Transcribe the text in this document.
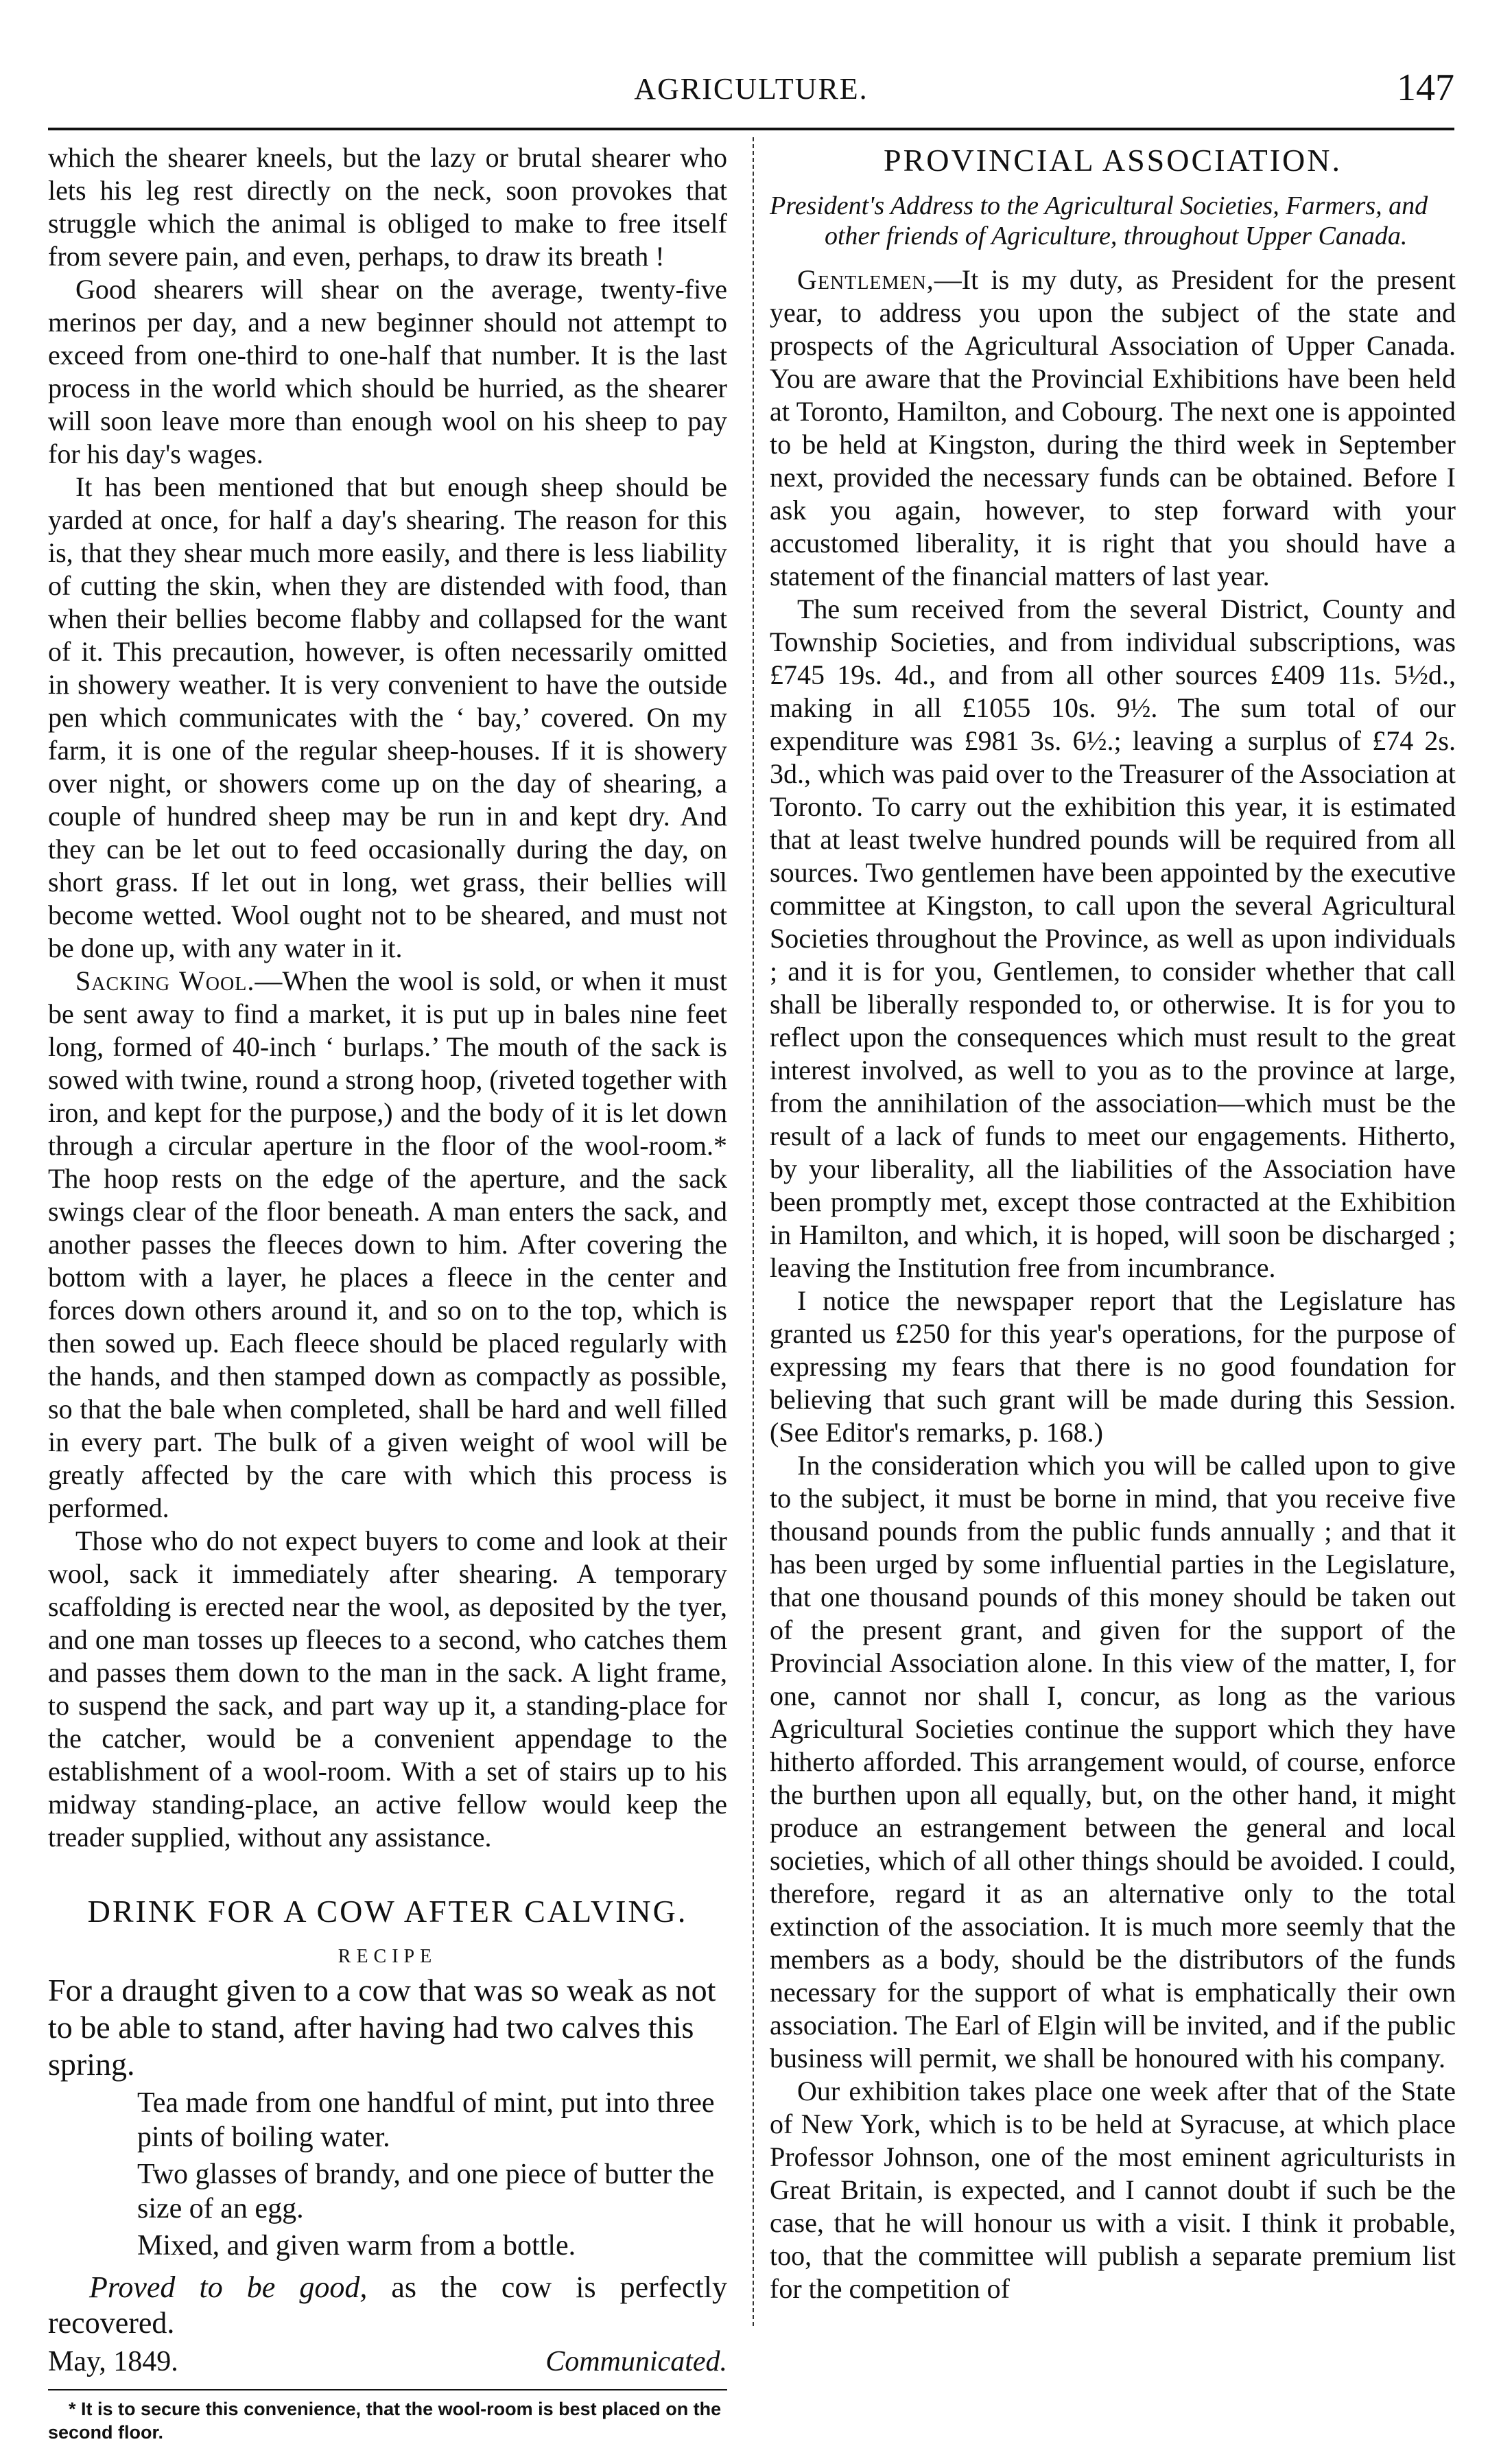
AGRICULTURE.	147

which the shearer kneels, but the lazy or brutal shearer who lets his leg rest directly on the neck, soon provokes that struggle which the animal is obliged to make to free itself from severe pain, and even, perhaps, to draw its breath !

Good shearers will shear on the average, twenty-five merinos per day, and a new beginner should not attempt to exceed from one-third to one-half that number. It is the last process in the world which should be hurried, as the shearer will soon leave more than enough wool on his sheep to pay for his day's wages.

It has been mentioned that but enough sheep should be yarded at once, for half a day's shearing. The reason for this is, that they shear much more easily, and there is less liability of cutting the skin, when they are distended with food, than when their bellies become flabby and collapsed for the want of it. This precaution, however, is often necessarily omitted in showery weather. It is very convenient to have the outside pen which communicates with the ‘ bay,’ covered. On my farm, it is one of the regular sheep-houses. If it is showery over night, or showers come up on the day of shearing, a couple of hundred sheep may be run in and kept dry. And they can be let out to feed occasionally during the day, on short grass. If let out in long, wet grass, their bellies will become wetted. Wool ought not to be sheared, and must not be done up, with any water in it.

Sacking Wool.—When the wool is sold, or when it must be sent away to find a market, it is put up in bales nine feet long, formed of 40-inch ‘ burlaps.’ The mouth of the sack is sowed with twine, round a strong hoop, (riveted together with iron, and kept for the purpose,) and the body of it is let down through a circular aperture in the floor of the wool-room.* The hoop rests on the edge of the aperture, and the sack swings clear of the floor beneath. A man enters the sack, and another passes the fleeces down to him. After covering the bottom with a layer, he places a fleece in the center and forces down others around it, and so on to the top, which is then sowed up. Each fleece should be placed regularly with the hands, and then stamped down as compactly as possible, so that the bale when completed, shall be hard and well filled in every part. The bulk of a given weight of wool will be greatly affected by the care with which this process is performed.

Those who do not expect buyers to come and look at their wool, sack it immediately after shearing. A temporary scaffolding is erected near the wool, as deposited by the tyer, and one man tosses up fleeces to a second, who catches them and passes them down to the man in the sack. A light frame, to suspend the sack, and part way up it, a standing-place for the catcher, would be a convenient appendage to the establishment of a wool-room. With a set of stairs up to his midway standing-place, an active fellow would keep the treader supplied, without any assistance.

DRINK FOR A COW AFTER CALVING.
RECIPE

For a draught given to a cow that was so weak as not to be able to stand, after having had two calves this spring.

Tea made from one handful of mint, put into three pints of boiling water.

Two glasses of brandy, and one piece of butter the size of an egg.

Mixed, and given warm from a bottle.

Proved to be good, as the cow is perfectly recovered.

May, 1849.	Communicated.

* It is to secure this convenience, that the wool-room is best placed on the second floor.

PROVINCIAL ASSOCIATION.

President's Address to the Agricultural Societies, Farmers, and other friends of Agriculture, throughout Upper Canada.

Gentlemen,—It is my duty, as President for the present year, to address you upon the subject of the state and prospects of the Agricultural Association of Upper Canada. You are aware that the Provincial Exhibitions have been held at Toronto, Hamilton, and Cobourg. The next one is appointed to be held at Kingston, during the third week in September next, provided the necessary funds can be obtained. Before I ask you again, however, to step forward with your accustomed liberality, it is right that you should have a statement of the financial matters of last year.

The sum received from the several District, County and Township Societies, and from individual subscriptions, was £745 19s. 4d., and from all other sources £409 11s. 5½d., making in all £1055 10s. 9½. The sum total of our expenditure was £981 3s. 6½.; leaving a surplus of £74 2s. 3d., which was paid over to the Treasurer of the Association at Toronto. To carry out the exhibition this year, it is estimated that at least twelve hundred pounds will be required from all sources. Two gentlemen have been appointed by the executive committee at Kingston, to call upon the several Agricultural Societies throughout the Province, as well as upon individuals ; and it is for you, Gentlemen, to consider whether that call shall be liberally responded to, or otherwise. It is for you to reflect upon the consequences which must result to the great interest involved, as well to you as to the province at large, from the annihilation of the association—which must be the result of a lack of funds to meet our engagements. Hitherto, by your liberality, all the liabilities of the Association have been promptly met, except those contracted at the Exhibition in Hamilton, and which, it is hoped, will soon be discharged ; leaving the Institution free from incumbrance.

I notice the newspaper report that the Legislature has granted us £250 for this year's operations, for the purpose of expressing my fears that there is no good foundation for believing that such grant will be made during this Session. (See Editor's remarks, p. 168.)

In the consideration which you will be called upon to give to the subject, it must be borne in mind, that you receive five thousand pounds from the public funds annually ; and that it has been urged by some influential parties in the Legislature, that one thousand pounds of this money should be taken out of the present grant, and given for the support of the Provincial Association alone. In this view of the matter, I, for one, cannot nor shall I, concur, as long as the various Agricultural Societies continue the support which they have hitherto afforded. This arrangement would, of course, enforce the burthen upon all equally, but, on the other hand, it might produce an estrangement between the general and local societies, which of all other things should be avoided. I could, therefore, regard it as an alternative only to the total extinction of the association. It is much more seemly that the members as a body, should be the distributors of the funds necessary for the support of what is emphatically their own association. The Earl of Elgin will be invited, and if the public business will permit, we shall be honoured with his company.

Our exhibition takes place one week after that of the State of New York, which is to be held at Syracuse, at which place Professor Johnson, one of the most eminent agriculturists in Great Britain, is expected, and I cannot doubt if such be the case, that he will honour us with a visit. I think it probable, too, that the committee will publish a separate premium list for the competition of
